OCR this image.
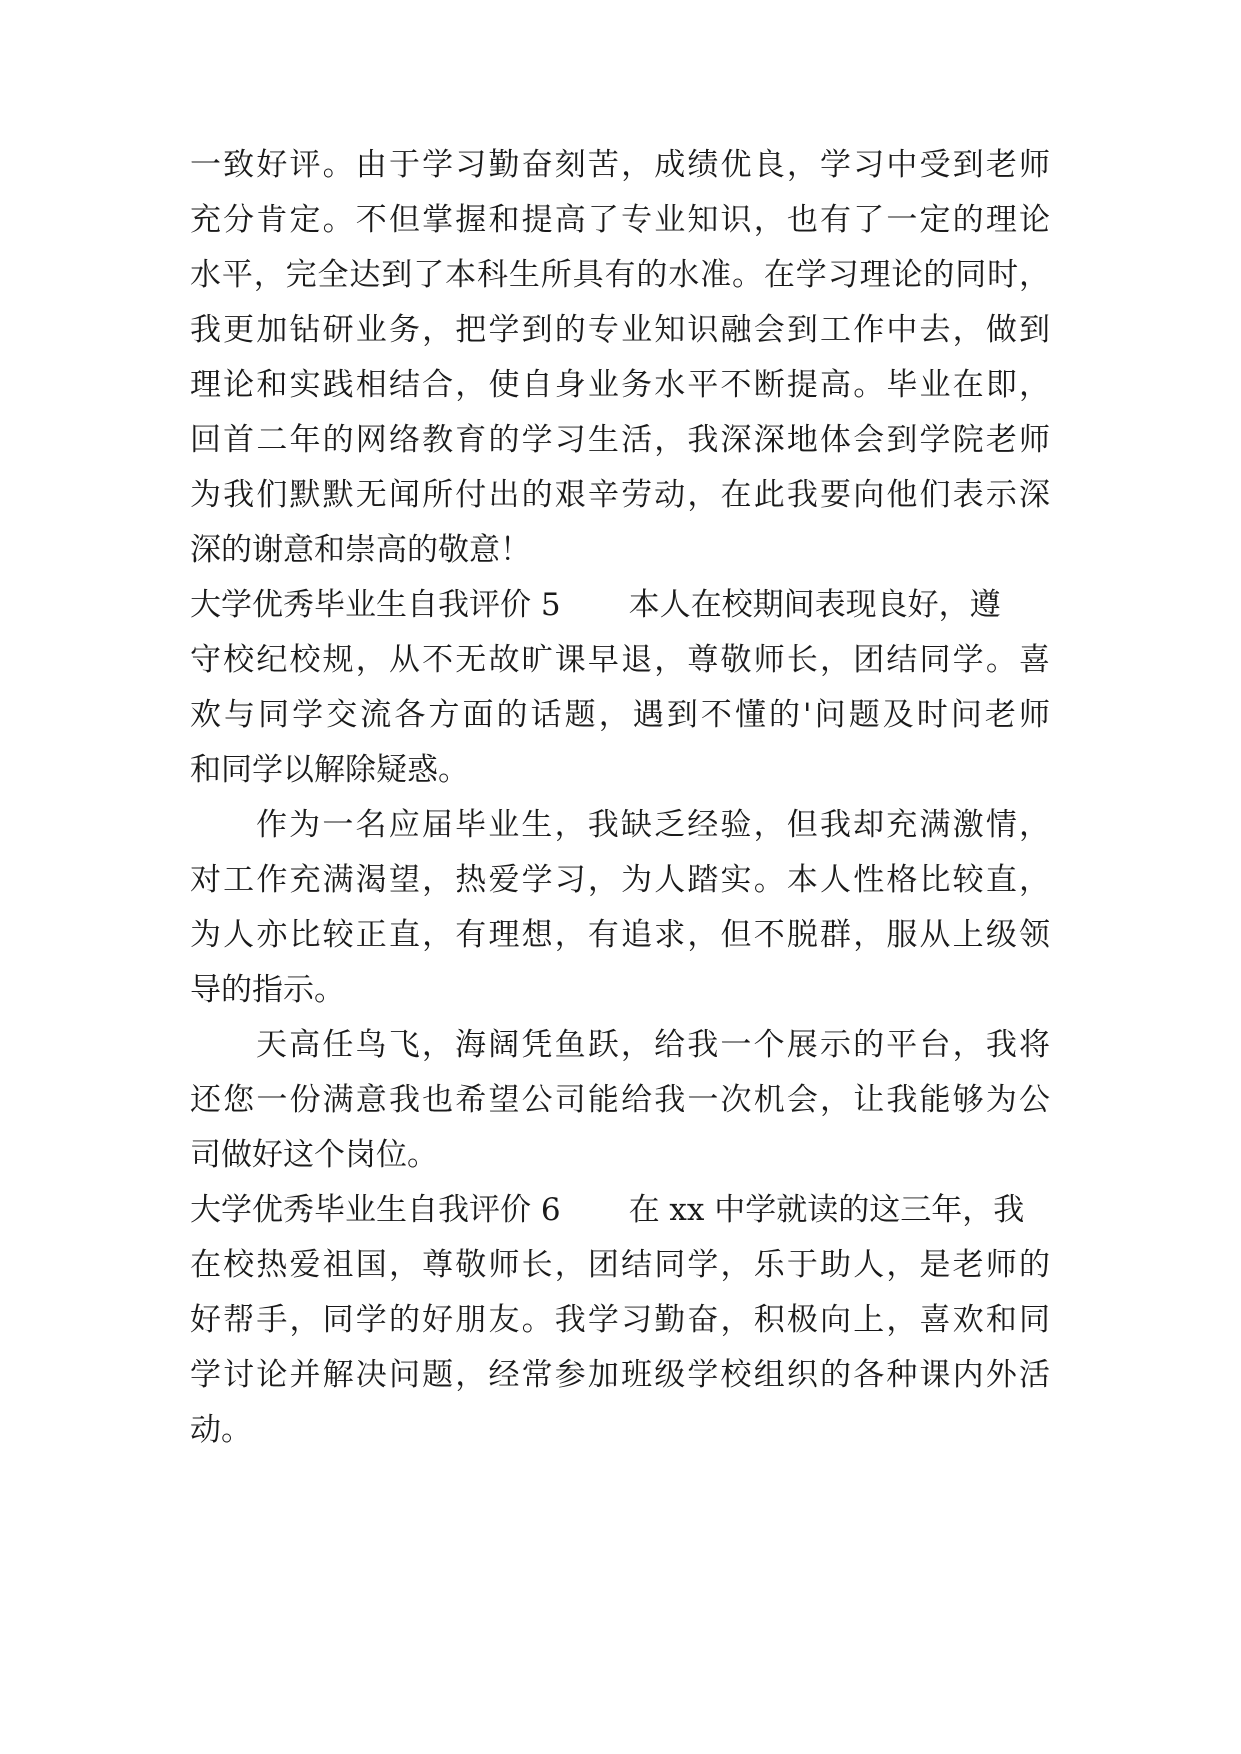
一致好评。由于学习勤奋刻苦，成绩优良，学习中受到老师
充分肯定。不但掌握和提高了专业知识，也有了一定的理论
水平，完全达到了本科生所具有的水准。在学习理论的同时，
我更加钻研业务，把学到的专业知识融会到工作中去，做到
理论和实践相结合，使自身业务水平不断提高。毕业在即，
回首二年的网络教育的学习生活，我深深地体会到学院老师
为我们默默无闻所付出的艰辛劳动，在此我要向他们表示深
深的谢意和崇高的敬意！
大学优秀毕业生自我评价 5 本人在校期间表现良好，遵
守校纪校规，从不无故旷课早退，尊敬师长，团结同学。喜
欢与同学交流各方面的话题，遇到不懂的'问题及时问老师
和同学以解除疑惑。
作为一名应届毕业生，我缺乏经验，但我却充满激情，
对工作充满渴望，热爱学习，为人踏实。本人性格比较直，
为人亦比较正直，有理想，有追求，但不脱群，服从上级领
导的指示。
天高任鸟飞，海阔凭鱼跃，给我一个展示的平台，我将
还您一份满意我也希望公司能给我一次机会，让我能够为公
司做好这个岗位。
大学优秀毕业生自我评价 6 在 xx 中学就读的这三年，我
在校热爱祖国，尊敬师长，团结同学，乐于助人，是老师的
好帮手，同学的好朋友。我学习勤奋，积极向上，喜欢和同
学讨论并解决问题，经常参加班级学校组织的各种课内外活
动。
